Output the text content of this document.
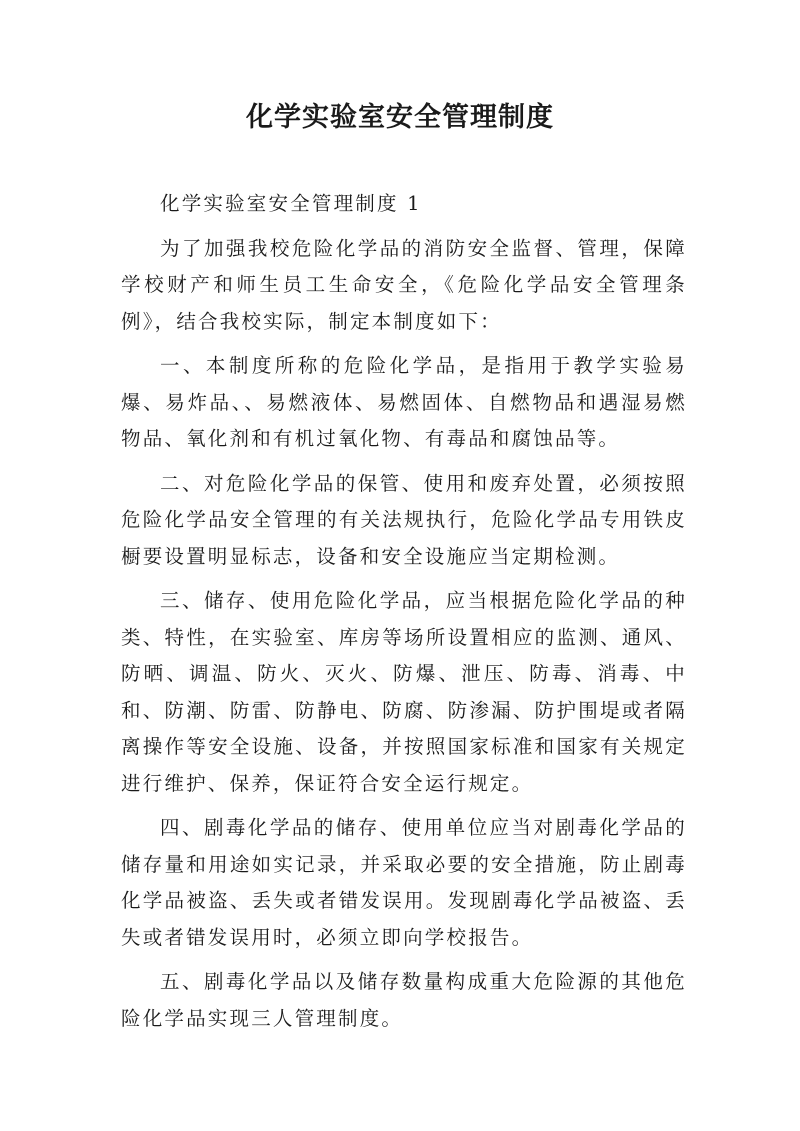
化学实验室安全管理制度

化学实验室安全管理制度 1

为了加强我校危险化学品的消防安全监督、管理，保障学校财产和师生员工生命安全，《危险化学品安全管理条例》，结合我校实际，制定本制度如下：

一、本制度所称的危险化学品，是指用于教学实验易爆、易炸品、、易燃液体、易燃固体、自燃物品和遇湿易燃物品、氧化剂和有机过氧化物、有毒品和腐蚀品等。

二、对危险化学品的保管、使用和废弃处置，必须按照危险化学品安全管理的有关法规执行，危险化学品专用铁皮橱要设置明显标志，设备和安全设施应当定期检测。

三、储存、使用危险化学品，应当根据危险化学品的种类、特性，在实验室、库房等场所设置相应的监测、通风、防晒、调温、防火、灭火、防爆、泄压、防毒、消毒、中和、防潮、防雷、防静电、防腐、防渗漏、防护围堤或者隔离操作等安全设施、设备，并按照国家标准和国家有关规定进行维护、保养，保证符合安全运行规定。

四、剧毒化学品的储存、使用单位应当对剧毒化学品的储存量和用途如实记录，并采取必要的安全措施，防止剧毒化学品被盗、丢失或者错发误用。发现剧毒化学品被盗、丢失或者错发误用时，必须立即向学校报告。

五、剧毒化学品以及储存数量构成重大危险源的其他危险化学品实现三人管理制度。
